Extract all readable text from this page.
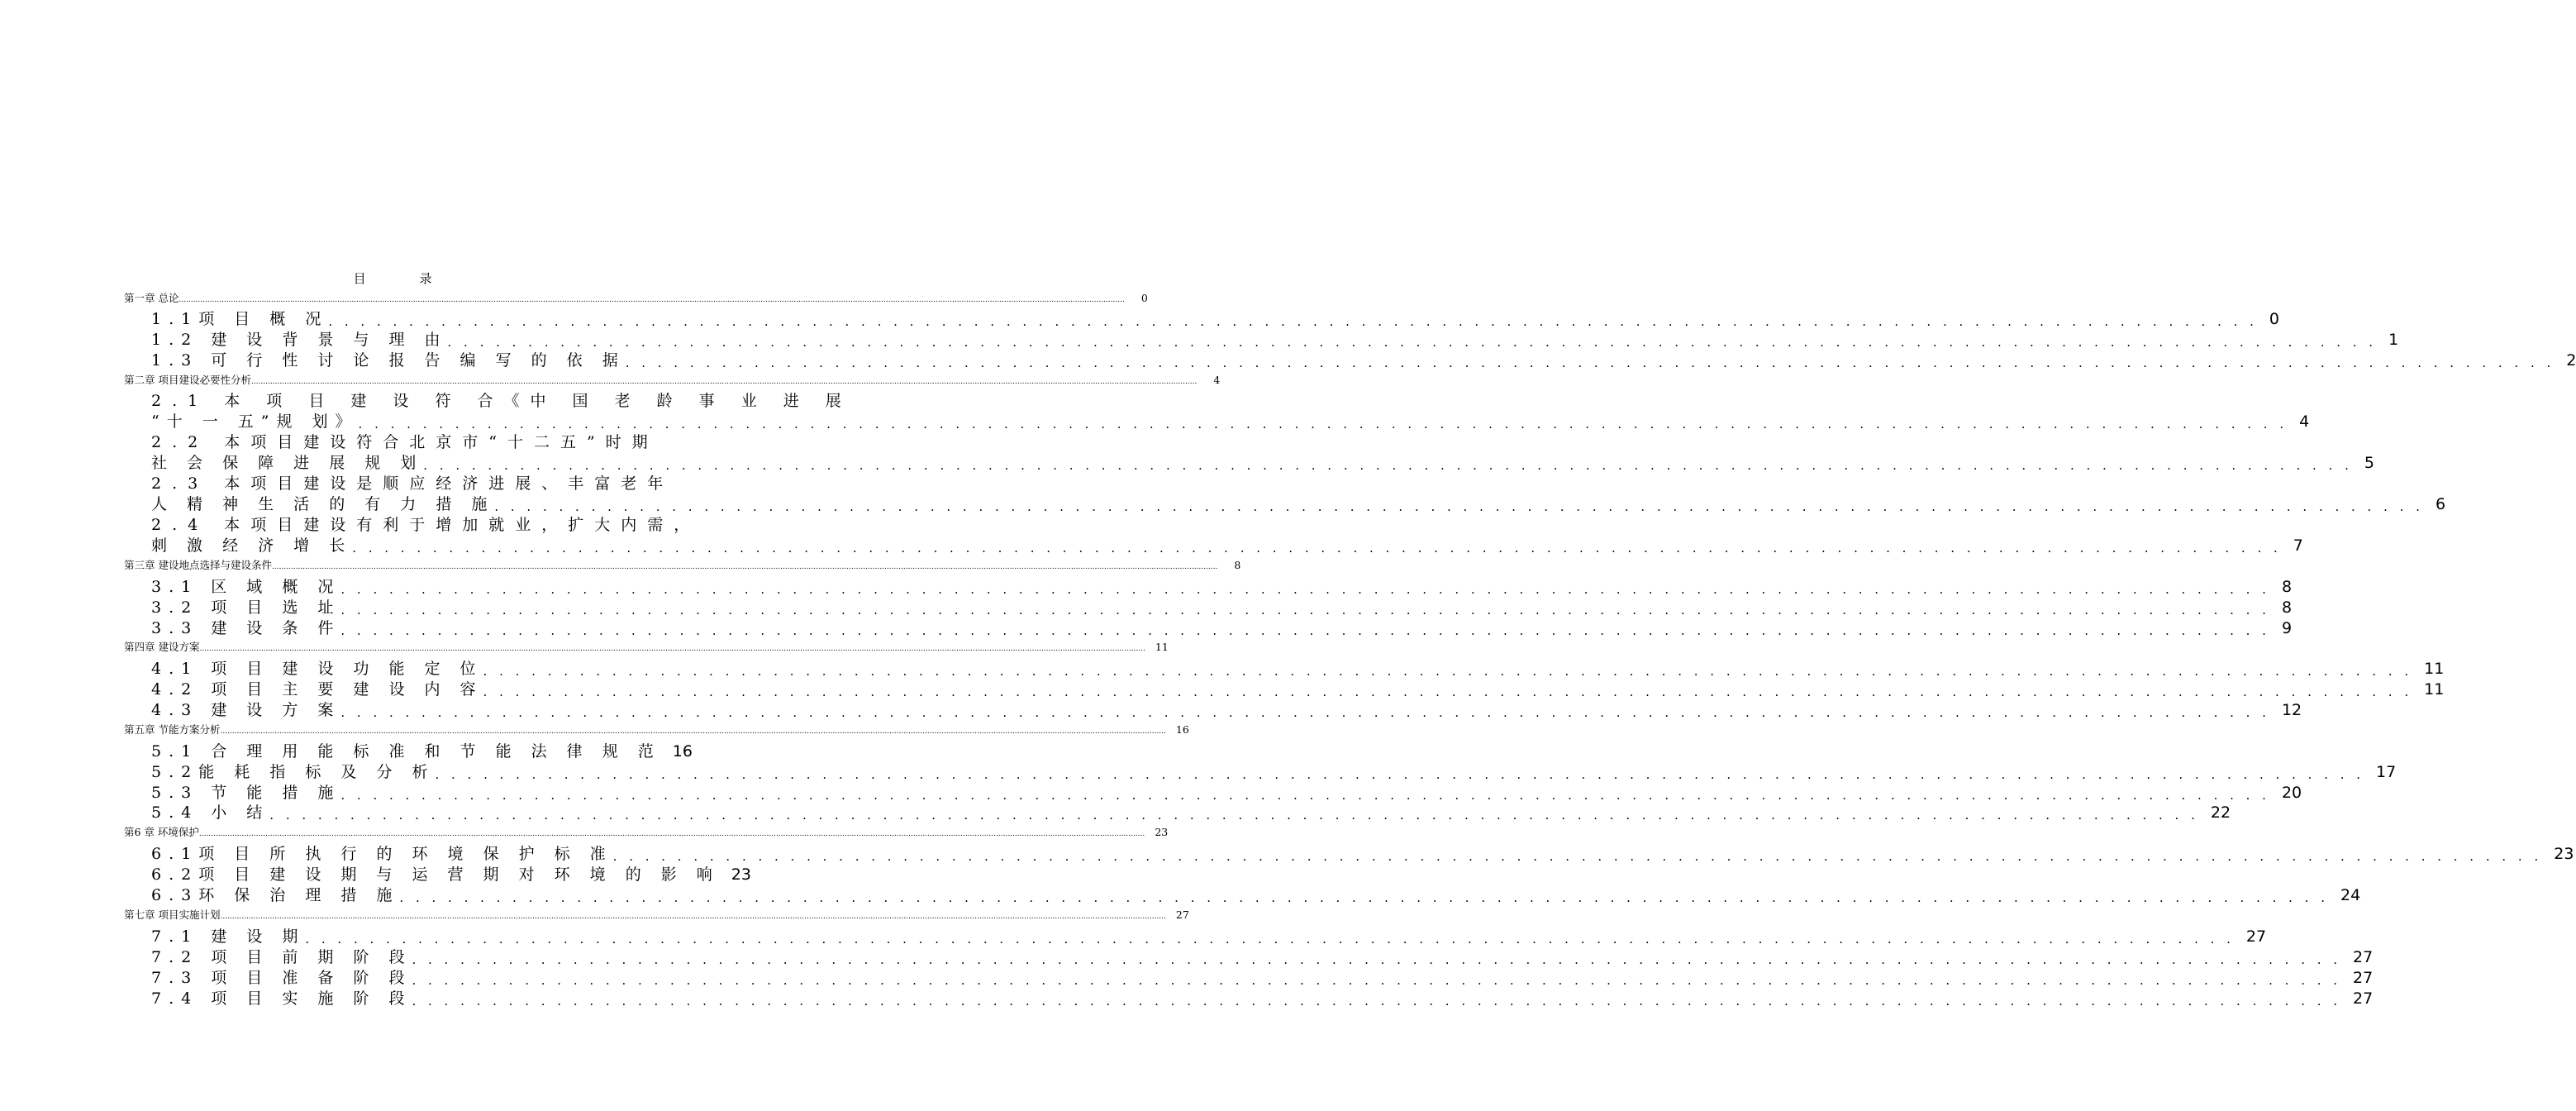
目 录
第一章 总论 ................................................................................................................................................................................................................................................................................................................................................................................................................	0
1.1项 目 概 况 . . . . . . . . . . . . . . . . . . . . . . . . . . . . . . . . . . . . . . . . . . . . . . . . . . . . . . . . . . . . . . . . . . . . . . . . . . . . . . . . . . . . . . . . . . . . . . . . . . . . . . . . . . . . . . . . . . . . . . . . 0
1.2 建 设 背 景 与 理 由 . . . . . . . . . . . . . . . . . . . . . . . . . . . . . . . . . . . . . . . . . . . . . . . . . . . . . . . . . . . . . . . . . . . . . . . . . . . . . . . . . . . . . . . . . . . . . . . . . . . . . . . . . . . . . . . . . . . . . . . . 1
1.3 可 行 性 讨 论 报 告 编 写 的 依 据 . . . . . . . . . . . . . . . . . . . . . . . . . . . . . . . . . . . . . . . . . . . . . . . . . . . . . . . . . . . . . . . . . . . . . . . . . . . . . . . . . . . . . . . . . . . . . . . . . . . . . . . . . . . . . . . . . . . . . . . . 2
第二章 项目建设必要性分析 ................................................................................................................................................................................................................................................................................................................................................................................................................	4
2.1 本 项 目 建 设 符 合《中 国 老 龄 事 业 进 展
“十 一 五”规 划》 . . . . . . . . . . . . . . . . . . . . . . . . . . . . . . . . . . . . . . . . . . . . . . . . . . . . . . . . . . . . . . . . . . . . . . . . . . . . . . . . . . . . . . . . . . . . . . . . . . . . . . . . . . . . . . . . . . . . . . . . 4
2.2 本项目建设符合北京市“十二五”时期
社 会 保 障 进 展 规 划 . . . . . . . . . . . . . . . . . . . . . . . . . . . . . . . . . . . . . . . . . . . . . . . . . . . . . . . . . . . . . . . . . . . . . . . . . . . . . . . . . . . . . . . . . . . . . . . . . . . . . . . . . . . . . . . . . . . . . . . . 5
2.3 本项目建设是顺应经济进展、丰富老年
人 精 神 生 活 的 有 力 措 施 . . . . . . . . . . . . . . . . . . . . . . . . . . . . . . . . . . . . . . . . . . . . . . . . . . . . . . . . . . . . . . . . . . . . . . . . . . . . . . . . . . . . . . . . . . . . . . . . . . . . . . . . . . . . . . . . . . . . . . . . 6
2.4 本项目建设有利于增加就业，扩大内需，
刺 激 经 济 增 长 . . . . . . . . . . . . . . . . . . . . . . . . . . . . . . . . . . . . . . . . . . . . . . . . . . . . . . . . . . . . . . . . . . . . . . . . . . . . . . . . . . . . . . . . . . . . . . . . . . . . . . . . . . . . . . . . . . . . . . . . 7
第三章 建设地点选择与建设条件 ................................................................................................................................................................................................................................................................................................................................................................................................................	8
3.1 区 域 概 况 . . . . . . . . . . . . . . . . . . . . . . . . . . . . . . . . . . . . . . . . . . . . . . . . . . . . . . . . . . . . . . . . . . . . . . . . . . . . . . . . . . . . . . . . . . . . . . . . . . . . . . . . . . . . . . . . . . . . . . . . 8
3.2 项 目 选 址 . . . . . . . . . . . . . . . . . . . . . . . . . . . . . . . . . . . . . . . . . . . . . . . . . . . . . . . . . . . . . . . . . . . . . . . . . . . . . . . . . . . . . . . . . . . . . . . . . . . . . . . . . . . . . . . . . . . . . . . . 8
3.3 建 设 条 件 . . . . . . . . . . . . . . . . . . . . . . . . . . . . . . . . . . . . . . . . . . . . . . . . . . . . . . . . . . . . . . . . . . . . . . . . . . . . . . . . . . . . . . . . . . . . . . . . . . . . . . . . . . . . . . . . . . . . . . . . 9
第四章 建设方案 ................................................................................................................................................................................................................................................................................................................................................................................................................ 11
4.1 项 目 建 设 功 能 定 位 . . . . . . . . . . . . . . . . . . . . . . . . . . . . . . . . . . . . . . . . . . . . . . . . . . . . . . . . . . . . . . . . . . . . . . . . . . . . . . . . . . . . . . . . . . . . . . . . . . . . . . . . . . . . . . . . . . . . . . . . 11
4.2 项 目 主 要 建 设 内 容 . . . . . . . . . . . . . . . . . . . . . . . . . . . . . . . . . . . . . . . . . . . . . . . . . . . . . . . . . . . . . . . . . . . . . . . . . . . . . . . . . . . . . . . . . . . . . . . . . . . . . . . . . . . . . . . . . . . . . . . . 11
4.3 建 设 方 案 . . . . . . . . . . . . . . . . . . . . . . . . . . . . . . . . . . . . . . . . . . . . . . . . . . . . . . . . . . . . . . . . . . . . . . . . . . . . . . . . . . . . . . . . . . . . . . . . . . . . . . . . . . . . . . . . . . . . . . . . 12
第五章 节能方案分析 ................................................................................................................................................................................................................................................................................................................................................................................................................ 16
5.1 合 理 用 能 标 准 和 节 能 法 律 规 范 16
5.2能 耗 指 标 及 分 析 . . . . . . . . . . . . . . . . . . . . . . . . . . . . . . . . . . . . . . . . . . . . . . . . . . . . . . . . . . . . . . . . . . . . . . . . . . . . . . . . . . . . . . . . . . . . . . . . . . . . . . . . . . . . . . . . . . . . . . . . 17
5.3 节 能 措 施 . . . . . . . . . . . . . . . . . . . . . . . . . . . . . . . . . . . . . . . . . . . . . . . . . . . . . . . . . . . . . . . . . . . . . . . . . . . . . . . . . . . . . . . . . . . . . . . . . . . . . . . . . . . . . . . . . . . . . . . . 20
5.4 小 结 . . . . . . . . . . . . . . . . . . . . . . . . . . . . . . . . . . . . . . . . . . . . . . . . . . . . . . . . . . . . . . . . . . . . . . . . . . . . . . . . . . . . . . . . . . . . . . . . . . . . . . . . . . . . . . . . . . . . . . . . 22
第6 章 环境保护 ................................................................................................................................................................................................................................................................................................................................................................................................................ 23
6.1项 目 所 执 行 的 环 境 保 护 标 准 . . . . . . . . . . . . . . . . . . . . . . . . . . . . . . . . . . . . . . . . . . . . . . . . . . . . . . . . . . . . . . . . . . . . . . . . . . . . . . . . . . . . . . . . . . . . . . . . . . . . . . . . . . . . . . . . . . . . . . . . 23
6.2项 目 建 设 期 与 运 营 期 对 环 境 的 影 响 23
6.3环 保 治 理 措 施 . . . . . . . . . . . . . . . . . . . . . . . . . . . . . . . . . . . . . . . . . . . . . . . . . . . . . . . . . . . . . . . . . . . . . . . . . . . . . . . . . . . . . . . . . . . . . . . . . . . . . . . . . . . . . . . . . . . . . . . . 24
第七章 项目实施计划 ................................................................................................................................................................................................................................................................................................................................................................................................................ 27
7.1 建 设 期 . . . . . . . . . . . . . . . . . . . . . . . . . . . . . . . . . . . . . . . . . . . . . . . . . . . . . . . . . . . . . . . . . . . . . . . . . . . . . . . . . . . . . . . . . . . . . . . . . . . . . . . . . . . . . . . . . . . . . . . . 27
7.2 项 目 前 期 阶 段 . . . . . . . . . . . . . . . . . . . . . . . . . . . . . . . . . . . . . . . . . . . . . . . . . . . . . . . . . . . . . . . . . . . . . . . . . . . . . . . . . . . . . . . . . . . . . . . . . . . . . . . . . . . . . . . . . . . . . . . . 27
7.3 项 目 准 备 阶 段 . . . . . . . . . . . . . . . . . . . . . . . . . . . . . . . . . . . . . . . . . . . . . . . . . . . . . . . . . . . . . . . . . . . . . . . . . . . . . . . . . . . . . . . . . . . . . . . . . . . . . . . . . . . . . . . . . . . . . . . . 27
7.4 项 目 实 施 阶 段 . . . . . . . . . . . . . . . . . . . . . . . . . . . . . . . . . . . . . . . . . . . . . . . . . . . . . . . . . . . . . . . . . . . . . . . . . . . . . . . . . . . . . . . . . . . . . . . . . . . . . . . . . . . . . . . . . . . . . . . . 27
